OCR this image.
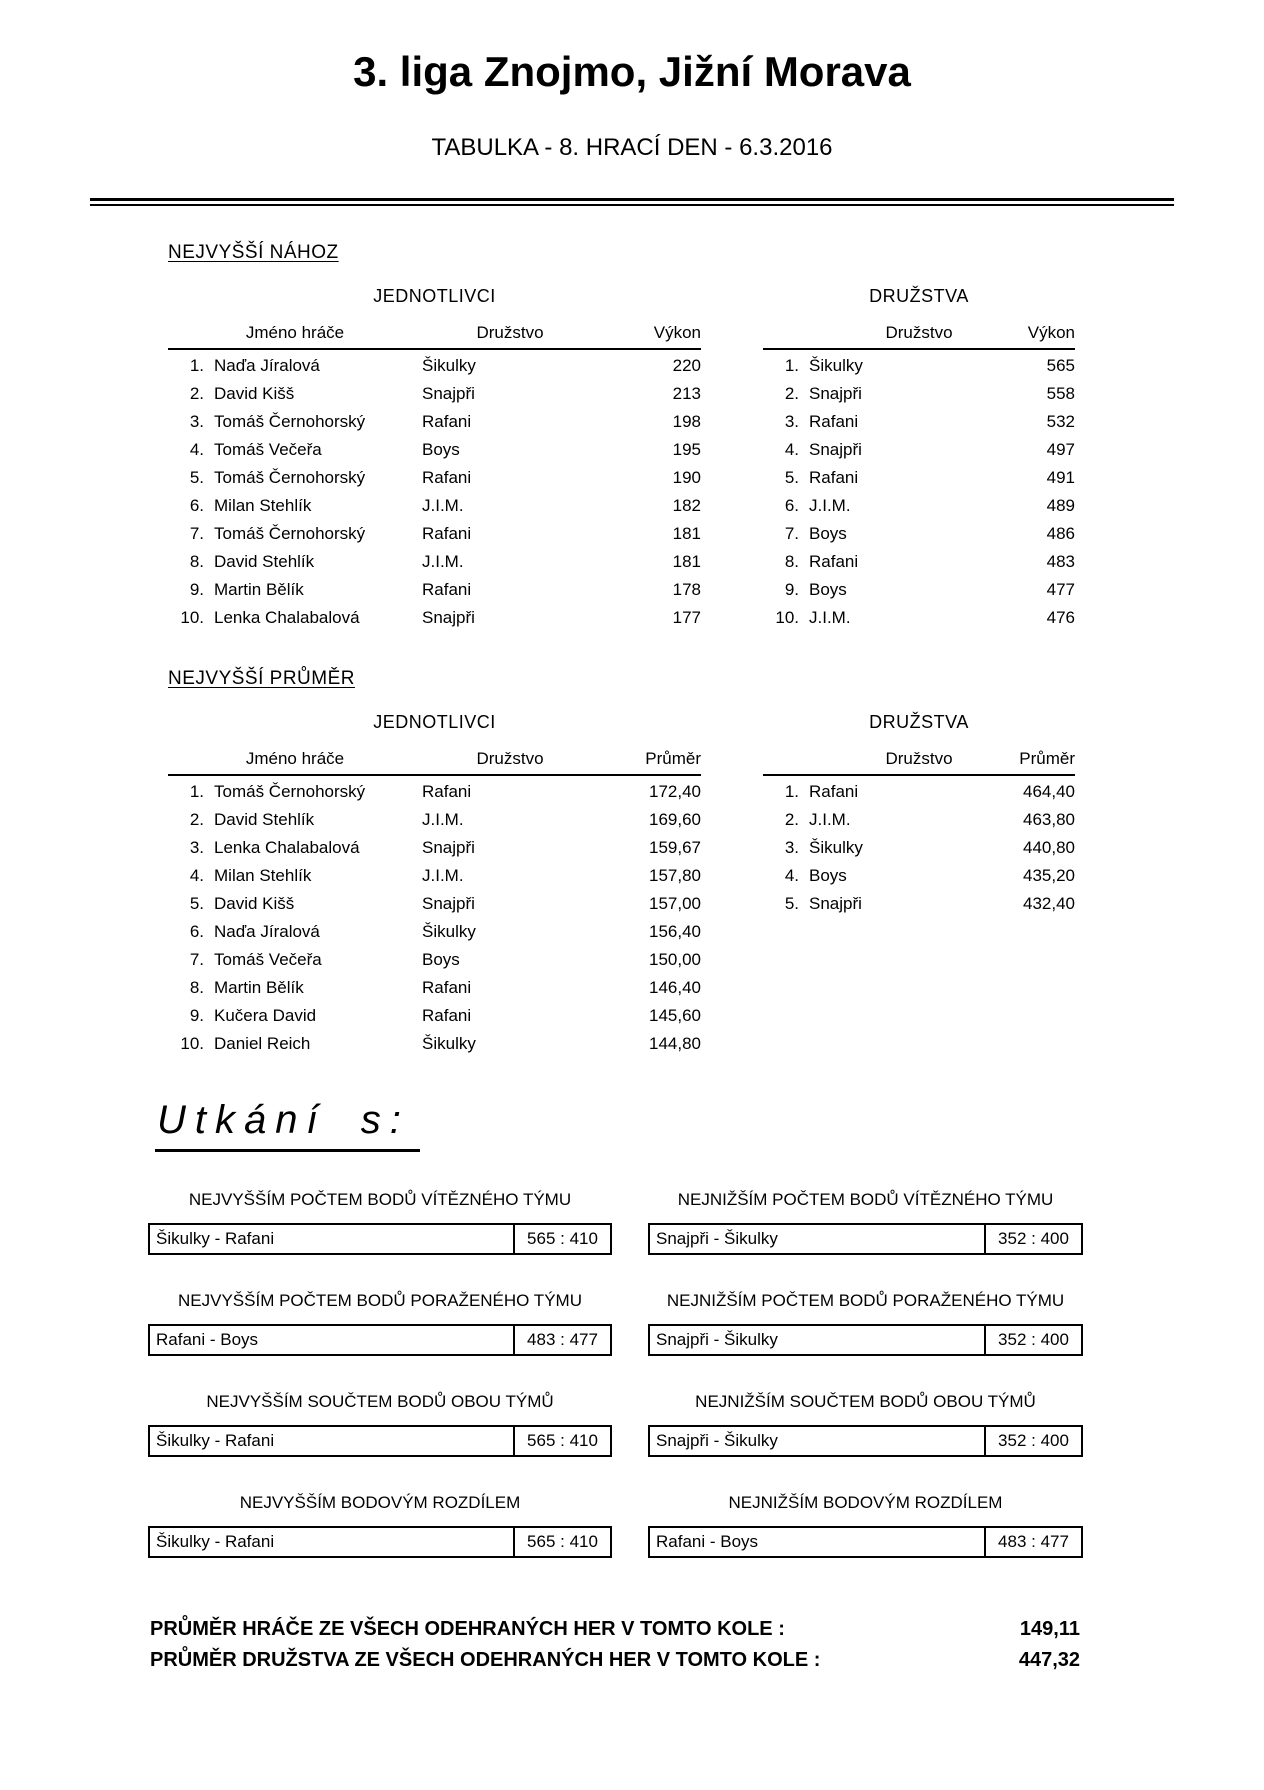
3. liga Znojmo, Jižní Morava
TABULKA - 8. HRACÍ DEN - 6.3.2016
NEJVYŠŠÍ NÁHOZ
JEDNOTLIVCI
Jméno hráče	Družstvo	Výkon
1. Naďa Jíralová	Šikulky	220
2. David Kišš	Snajpři	213
3. Tomáš Černohorský	Rafani	198
4. Tomáš Večeřa	Boys	195
5. Tomáš Černohorský	Rafani	190
6. Milan Stehlík	J.I.M.	182
7. Tomáš Černohorský	Rafani	181
8. David Stehlík	J.I.M.	181
9. Martin Bělík	Rafani	178
10. Lenka Chalabalová	Snajpři	177
DRUŽSTVA
Družstvo	Výkon
1. Šikulky	565
2. Snajpři	558
3. Rafani	532
4. Snajpři	497
5. Rafani	491
6. J.I.M.	489
7. Boys	486
8. Rafani	483
9. Boys	477
10. J.I.M.	476
NEJVYŠŠÍ PRŮMĚR
JEDNOTLIVCI
Jméno hráče	Družstvo	Průměr
1. Tomáš Černohorský	Rafani	172,40
2. David Stehlík	J.I.M.	169,60
3. Lenka Chalabalová	Snajpři	159,67
4. Milan Stehlík	J.I.M.	157,80
5. David Kišš	Snajpři	157,00
6. Naďa Jíralová	Šikulky	156,40
7. Tomáš Večeřa	Boys	150,00
8. Martin Bělík	Rafani	146,40
9. Kučera David	Rafani	145,60
10. Daniel Reich	Šikulky	144,80
DRUŽSTVA
Družstvo	Průměr
1. Rafani	464,40
2. J.I.M.	463,80
3. Šikulky	440,80
4. Boys	435,20
5. Snajpři	432,40
Utkání s:
NEJVYŠŠÍM POČTEM BODŮ VÍTĚZNÉHO TÝMU
Šikulky - Rafani	565 : 410
NEJNIŽŠÍM POČTEM BODŮ VÍTĚZNÉHO TÝMU
Snajpři - Šikulky	352 : 400
NEJVYŠŠÍM POČTEM BODŮ PORAŽENÉHO TÝMU
Rafani - Boys	483 : 477
NEJNIŽŠÍM POČTEM BODŮ PORAŽENÉHO TÝMU
Snajpři - Šikulky	352 : 400
NEJVYŠŠÍM SOUČTEM BODŮ OBOU TÝMŮ
Šikulky - Rafani	565 : 410
NEJNIŽŠÍM SOUČTEM BODŮ OBOU TÝMŮ
Snajpři - Šikulky	352 : 400
NEJVYŠŠÍM BODOVÝM ROZDÍLEM
Šikulky - Rafani	565 : 410
NEJNIŽŠÍM BODOVÝM ROZDÍLEM
Rafani - Boys	483 : 477
PRŮMĚR HRÁČE ZE VŠECH ODEHRANÝCH HER V TOMTO KOLE :	149,11
PRŮMĚR DRUŽSTVA ZE VŠECH ODEHRANÝCH HER V TOMTO KOLE :	447,32
